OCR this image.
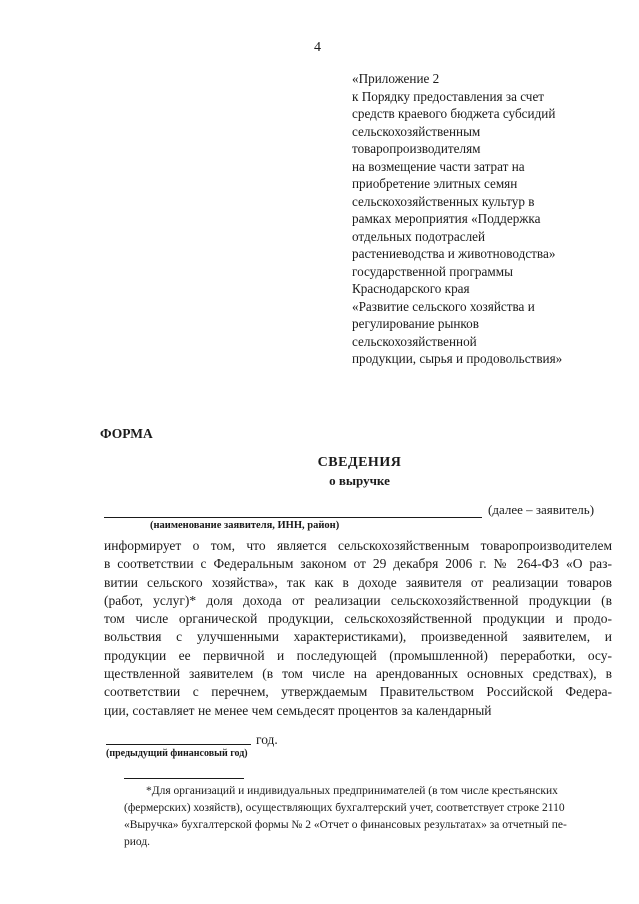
4
«Приложение 2
к Порядку предоставления за счет
средств краевого бюджета субсидий
сельскохозяйственным
товаропроизводителям
на возмещение части затрат на
приобретение элитных семян
сельскохозяйственных культур в
рамках мероприятия «Поддержка
отдельных подотраслей
растениеводства и животноводства»
государственной программы
Краснодарского края
«Развитие сельского хозяйства и
регулирование рынков
сельскохозяйственной
продукции, сырья и продовольствия»
ФОРМА
СВЕДЕНИЯ
о выручке
(далее – заявитель)
(наименование заявителя, ИНН, район)
информирует о том, что является сельскохозяйственным товаропроизводителем
в соответствии с Федеральным законом от 29 декабря 2006 г. № 264-ФЗ «О раз-
витии сельского хозяйства», так как в доходе заявителя от реализации товаров
(работ, услуг)* доля дохода от реализации сельскохозяйственной продукции (в
том числе органической продукции, сельскохозяйственной продукции и продо-
вольствия с улучшенными характеристиками), произведенной заявителем, и
продукции ее первичной и последующей (промышленной) переработки, осу-
ществленной заявителем (в том числе на арендованных основных средствах), в
соответствии с перечнем, утверждаемым Правительством Российской Федера-
ции, составляет не менее чем семьдесят процентов за календарный
год.
(предыдущий финансовый год)
*Для организаций и индивидуальных предпринимателей (в том числе крестьянских
(фермерских) хозяйств), осуществляющих бухгалтерский учет, соответствует строке 2110
«Выручка» бухгалтерской формы № 2 «Отчет о финансовых результатах» за отчетный пе-
риод.
